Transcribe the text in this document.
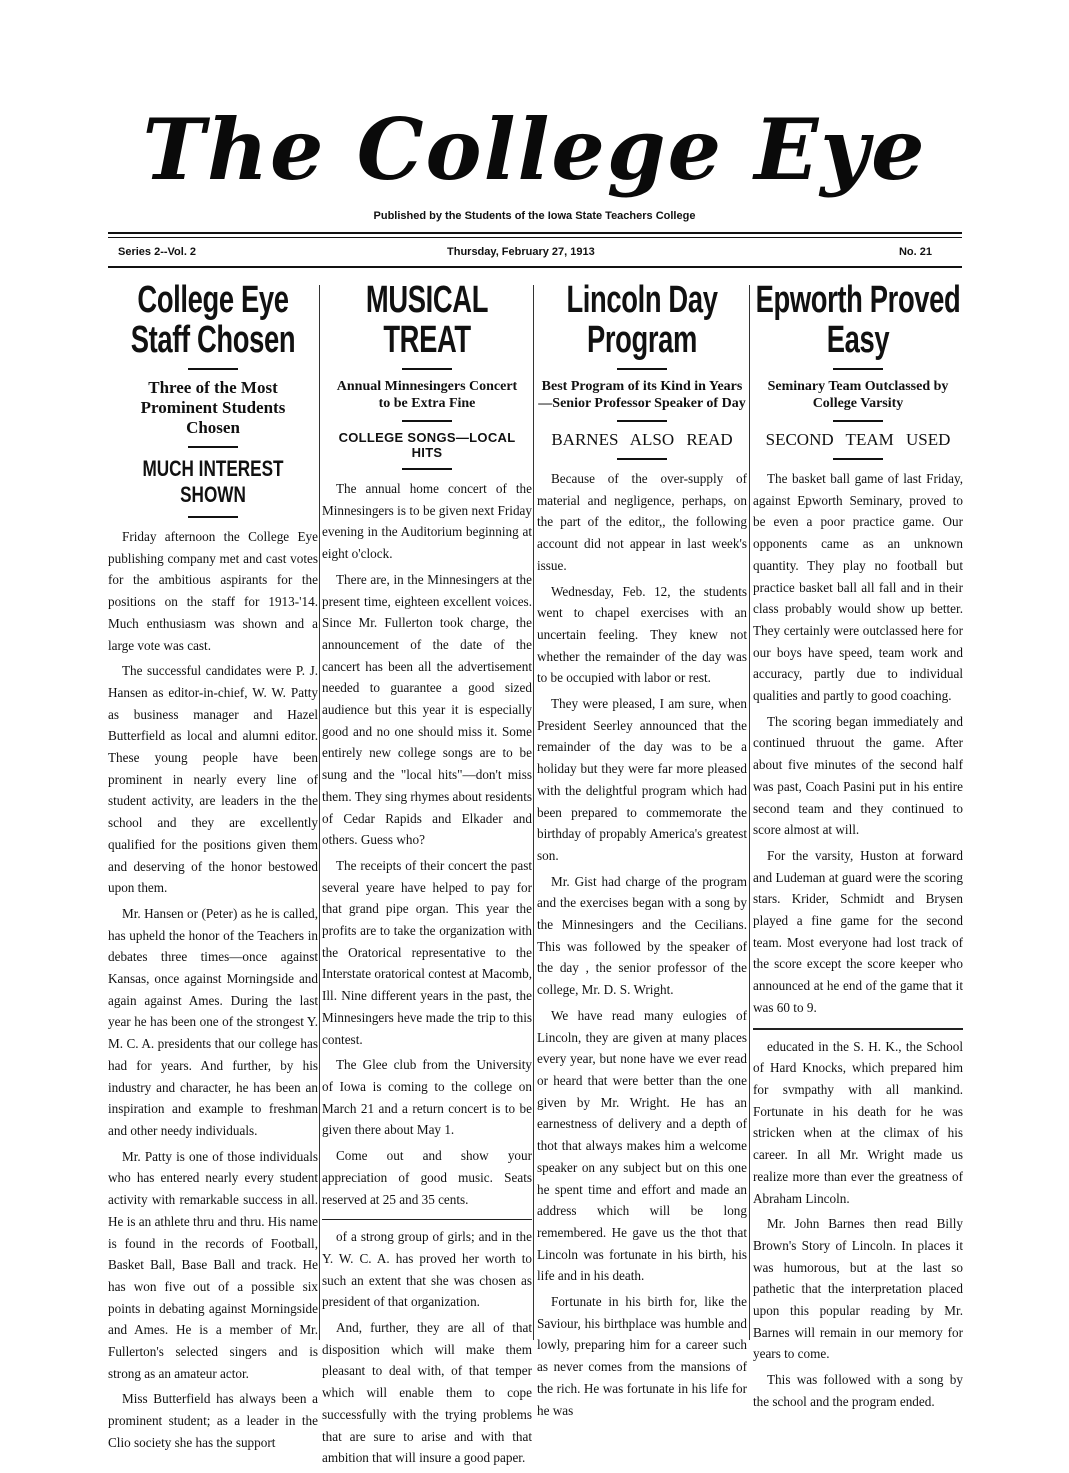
The College Eye
Published by the Students of the Iowa State Teachers College
Series 2--Vol. 2	Thursday, February 27, 1913	No. 21
College Eye Staff Chosen
Three of the Most Prominent Students Chosen
MUCH INTEREST SHOWN

Friday afternoon the College Eye publishing company met and cast votes for the ambitious aspirants for the positions on the staff for 1913-'14. Much enthusiasm was shown and a large vote was cast.

The successful candidates were P. J. Hansen as editor-in-chief, W. W. Patty as business manager and Hazel Butterfield as local and alumni editor. These young people have been prominent in nearly every line of student activity, are leaders in the the school and they are excellently qualified for the positions given them and deserving of the honor bestowed upon them.

Mr. Hansen or (Peter) as he is called, has upheld the honor of the Teachers in debates three times—once against Kansas, once against Morningside and again against Ames. During the last year he has been one of the strongest Y. M. C. A. presidents that our college has had for years. And further, by his industry and character, he has been an inspiration and example to freshman and other needy individuals.

Mr. Patty is one of those individuals who has entered nearly every student activity with remarkable success in all. He is an athlete thru and thru. His name is found in the records of Football, Basket Ball, Base Ball and track. He has won five out of a possible six points in debating against Morningside and Ames. He is a member of Mr. Fullerton's selected singers and is strong as an amateur actor.

Miss Butterfield has always been a prominent student; as a leader in the Clio society she has the support

MUSICAL TREAT
Annual Minnesingers Concert to be Extra Fine
COLLEGE SONGS—LOCAL HITS

The annual home concert of the Minnesingers is to be given next Friday evening in the Auditorium beginning at eight o'clock.

There are, in the Minnesingers at the present time, eighteen excellent voices. Since Mr. Fullerton took charge, the announcement of the date of the cancert has been all the advertisement needed to guarantee a good sized audience but this year it is especially good and no one should miss it. Some entirely new college songs are to be sung and the "local hits"—don't miss them. They sing rhymes about residents of Cedar Rapids and Elkader and others. Guess who?

The receipts of their concert the past several yeare have helped to pay for that grand pipe organ. This year the profits are to take the organization with the Oratorical representative to the Interstate oratorical contest at Macomb, Ill. Nine different years in the past, the Minnesingers heve made the trip to this contest.

The Glee club from the University of Iowa is coming to the college on March 21 and a return concert is to be given there about May 1.

Come out and show your appreciation of good music. Seats reserved at 25 and 35 cents.

of a strong group of girls; and in the Y. W. C. A. has proved her worth to such an extent that she was chosen as president of that organization.

And, further, they are all of that disposition which will make them pleasant to deal with, of that temper which will enable them to cope successfully with the trying problems that are sure to arise and with that ambition that will insure a good paper.

Lincoln Day Program
Best Program of its Kind in Years—Senior Professor Speaker of Day
BARNES ALSO READ

Because of the over-supply of material and negligence, perhaps, on the part of the editor,, the following account did not appear in last week's issue.

Wednesday, Feb. 12, the students went to chapel exercises with an uncertain feeling. They knew not whether the remainder of the day was to be occupied with labor or rest.

They were pleased, I am sure, when President Seerley announced that the remainder of the day was to be a holiday but they were far more pleased with the delightful program which had been prepared to commemorate the birthday of propably America's greatest son.

Mr. Gist had charge of the program and the exercises began with a song by the Minnesingers and the Cecilians. This was followed by the speaker of the day , the senior professor of the college, Mr. D. S. Wright.

We have read many eulogies of Lincoln, they are given at many places every year, but none have we ever read or heard that were better than the one given by Mr. Wright. He has an earnestness of delivery and a depth of thot that always makes him a welcome speaker on any subject but on this one he spent time and effort and made an address which will be long remembered. He gave us the thot that Lincoln was fortunate in his birth, his life and in his death.

Fortunate in his birth for, like the Saviour, his birthplace was humble and lowly, preparing him for a career such as never comes from the mansions of the rich. He was fortunate in his life for he was

Epworth Proved Easy
Seminary Team Outclassed by College Varsity
SECOND TEAM USED

The basket ball game of last Friday, against Epworth Seminary, proved to be even a poor practice game. Our opponents came as an unknown quantity. They play no football but practice basket ball all fall and in their class probably would show up better. They certainly were outclassed here for our boys have speed, team work and accuracy, partly due to individual qualities and partly to good coaching.

The scoring began immediately and continued thruout the game. After about five minutes of the second half was past, Coach Pasini put in his entire second team and they continued to score almost at will.

For the varsity, Huston at forward and Ludeman at guard were the scoring stars. Krider, Schmidt and Brysen played a fine game for the second team. Most everyone had lost track of the score except the score keeper who announced at he end of the game that it was 60 to 9.

educated in the S. H. K., the School of Hard Knocks, which prepared him for svmpathy with all mankind. Fortunate in his death for he was stricken when at the climax of his career. In all Mr. Wright made us realize more than ever the greatness of Abraham Lincoln.

Mr. John Barnes then read Billy Brown's Story of Lincoln. In places it was humorous, but at the last so pathetic that the interpretation placed upon this popular reading by Mr. Barnes will remain in our memory for years to come.

This was followed with a song by the school and the program ended.
